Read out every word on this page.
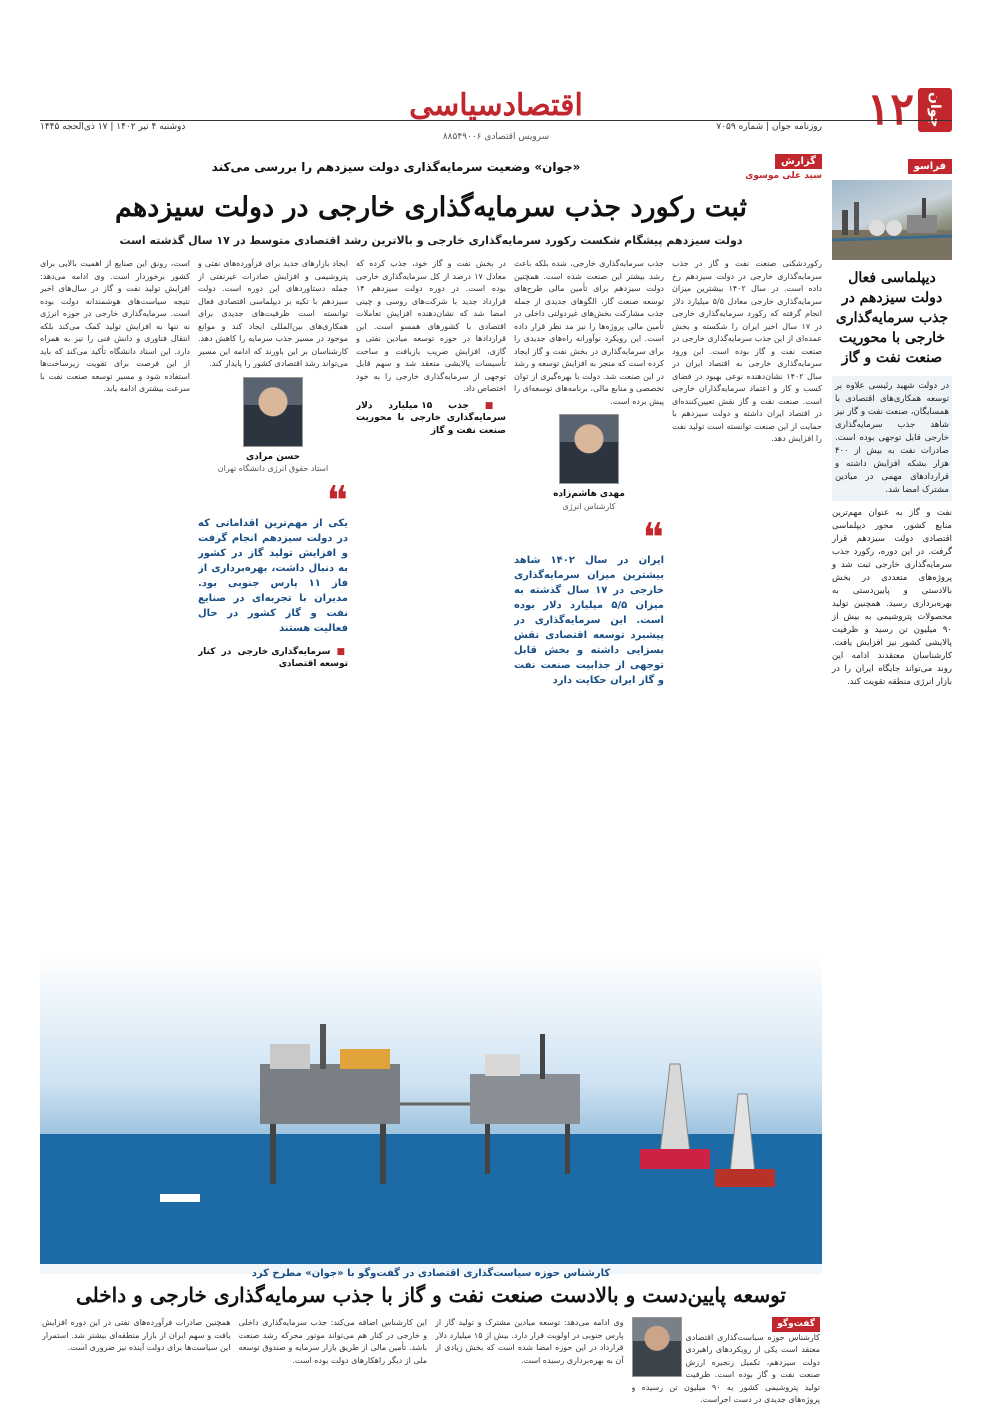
۱۲ جوان
اقتصادسیاسی
روزنامه جوان | شماره ۷۰۵۹
دوشنبه ۴ تیر ۱۴۰۲ | ۱۷ ذی‌الحجه ۱۴۴۵
سرویس اقتصادی ۸۸۵۴۹۰۰۶
فراسو
دیپلماسی فعال دولت سیزدهم در جذب سرمایه‌گذاری خارجی با محوریت صنعت نفت و گاز
در دولت شهید رئیسی علاوه بر توسعه همکاری‌های اقتصادی با همسایگان، صنعت نفت و گاز نیز شاهد جذب سرمایه‌گذاری خارجی قابل توجهی بوده است. صادرات نفت به بیش از ۴۰۰ هزار بشکه افزایش داشته و قراردادهای مهمی در میادین مشترک امضا شد.
نفت و گاز به عنوان مهم‌ترین منابع کشور، محور دیپلماسی اقتصادی دولت سیزدهم قرار گرفت. در این دوره، رکورد جذب سرمایه‌گذاری خارجی ثبت شد و پروژه‌های متعددی در بخش بالادستی و پایین‌دستی به بهره‌برداری رسید. همچنین تولید محصولات پتروشیمی به بیش از ۹۰ میلیون تن رسید و ظرفیت پالایشی کشور نیز افزایش یافت. کارشناسان معتقدند ادامه این روند می‌تواند جایگاه ایران را در بازار انرژی منطقه تقویت کند.
گزارش
سید علی موسوی
«جوان» وضعیت سرمایه‌گذاری دولت سیزدهم را بررسی می‌کند
ثبت رکورد جذب سرمایه‌گذاری خارجی در دولت سیزدهم
دولت سیزدهم پیشگام شکست رکورد سرمایه‌گذاری خارجی و بالاترین رشد اقتصادی متوسط در ۱۷ سال گذشته است

رکوردشکنی صنعت نفت و گاز در جذب سرمایه‌گذاری خارجی در دولت سیزدهم رخ داده است. در سال ۱۴۰۲ بیشترین میزان سرمایه‌گذاری خارجی معادل ۵/۵ میلیارد دلار انجام گرفته که رکورد سرمایه‌گذاری خارجی در ۱۷ سال اخیر ایران را شکسته و بخش عمده‌ای از این جذب سرمایه‌گذاری خارجی در صنعت نفت و گاز بوده است. این ورود سرمایه‌گذاری خارجی به اقتصاد ایران در سال ۱۴۰۲ نشان‌دهنده نوعی بهبود در فضای کسب و کار و اعتماد سرمایه‌گذاران خارجی است. صنعت نفت و گاز نقش تعیین‌کننده‌ای در اقتصاد ایران داشته و دولت سیزدهم با حمایت از این صنعت توانسته است تولید نفت را افزایش دهد.

جذب سرمایه‌گذاری خارجی، شده بلکه باعث رشد بیشتر این صنعت شده است. همچنین دولت سیزدهم برای تأمین مالی طرح‌های توسعه صنعت گاز، الگوهای جدیدی از جمله جذب مشارکت بخش‌های غیردولتی داخلی در تأمین مالی پروژه‌ها را نیز مد نظر قرار داده است. این رویکرد نوآورانه راه‌های جدیدی را برای سرمایه‌گذاری در بخش نفت و گاز ایجاد کرده است که منجر به افزایش توسعه و رشد در این صنعت شد. دولت با بهره‌گیری از توان تخصصی و منابع مالی، برنامه‌های توسعه‌ای را پیش برده است.

مهدی هاشم‌زاده
کارشناس انرژی
❝
ایران در سال ۱۴۰۲ شاهد بیشترین میزان سرمایه‌گذاری خارجی در ۱۷ سال گذشته به میزان ۵/۵ میلیارد دلار بوده است. این سرمایه‌گذاری در پیشبرد توسعه اقتصادی نقش بسزایی داشته و بخش قابل توجهی از جذابیت صنعت نفت و گاز ایران حکایت دارد

در بخش نفت و گاز خود، جذب کرده که معادل ۱۷ درصد از کل سرمایه‌گذاری خارجی بوده است. در دوره دولت سیزدهم ۱۴ قرارداد جدید با شرکت‌های روسی و چینی امضا شد که نشان‌دهنده افزایش تعاملات اقتصادی با کشورهای همسو است. این قراردادها در حوزه توسعه میادین نفتی و گازی، افزایش ضریب بازیافت و ساخت تأسیسات پالایشی منعقد شد و سهم قابل توجهی از سرمایه‌گذاری خارجی را به خود اختصاص داد.

■ جذب ۱۵ میلیارد دلار سرمایه‌گذاری خارجی با محوریت صنعت نفت و گاز

ایجاد بازارهای جدید برای فرآورده‌های نفتی و پتروشیمی و افزایش صادرات غیرنفتی از جمله دستاوردهای این دوره است. دولت سیزدهم با تکیه بر دیپلماسی اقتصادی فعال توانسته است ظرفیت‌های جدیدی برای همکاری‌های بین‌المللی ایجاد کند و موانع موجود در مسیر جذب سرمایه را کاهش دهد. کارشناسان بر این باورند که ادامه این مسیر می‌تواند رشد اقتصادی کشور را پایدار کند.

حسن مرادی
استاد حقوق انرژی دانشگاه تهران
❝
یکی از مهم‌ترین اقداماتی که در دولت سیزدهم انجام گرفت و افزایش تولید گاز در کشور به دنبال داشت، بهره‌برداری از فاز ۱۱ پارس جنوبی بود. مدیران با تجربه‌ای در صنایع نفت و گاز کشور در حال فعالیت هستند
■ سرمایه‌گذاری خارجی در کنار توسعه اقتصادی

است، رونق این صنایع از اهمیت بالایی برای کشور برخوردار است. وی ادامه می‌دهد: افزایش تولید نفت و گاز در سال‌های اخیر نتیجه سیاست‌های هوشمندانه دولت بوده است. سرمایه‌گذاری خارجی در حوزه انرژی نه تنها به افزایش تولید کمک می‌کند بلکه انتقال فناوری و دانش فنی را نیز به همراه دارد. این استاد دانشگاه تأکید می‌کند که باید از این فرصت برای تقویت زیرساخت‌ها استفاده شود و مسیر توسعه صنعت نفت با سرعت بیشتری ادامه یابد.

کارشناس حوزه سیاست‌گذاری اقتصادی در گفت‌وگو با «جوان» مطرح کرد
توسعه پایین‌دست و بالادست صنعت نفت و گاز با جذب سرمایه‌گذاری خارجی و داخلی
گفت‌وگو

کارشناس حوزه سیاست‌گذاری اقتصادی معتقد است یکی از رویکردهای راهبردی دولت سیزدهم، تکمیل زنجیره ارزش صنعت نفت و گاز بوده است. ظرفیت تولید پتروشیمی کشور به ۹۰ میلیون تن رسیده و پروژه‌های جدیدی در دست اجراست.

وی ادامه می‌دهد: توسعه میادین مشترک و تولید گاز از پارس جنوبی در اولویت قرار دارد. بیش از ۱۵ میلیارد دلار قرارداد در این حوزه امضا شده است که بخش زیادی از آن به بهره‌برداری رسیده است.

این کارشناس اضافه می‌کند: جذب سرمایه‌گذاری داخلی و خارجی در کنار هم می‌تواند موتور محرکه رشد صنعت باشد. تأمین مالی از طریق بازار سرمایه و صندوق توسعه ملی از دیگر راهکارهای دولت بوده است.

همچنین صادرات فرآورده‌های نفتی در این دوره افزایش یافت و سهم ایران از بازار منطقه‌ای بیشتر شد. استمرار این سیاست‌ها برای دولت آینده نیز ضروری است.
